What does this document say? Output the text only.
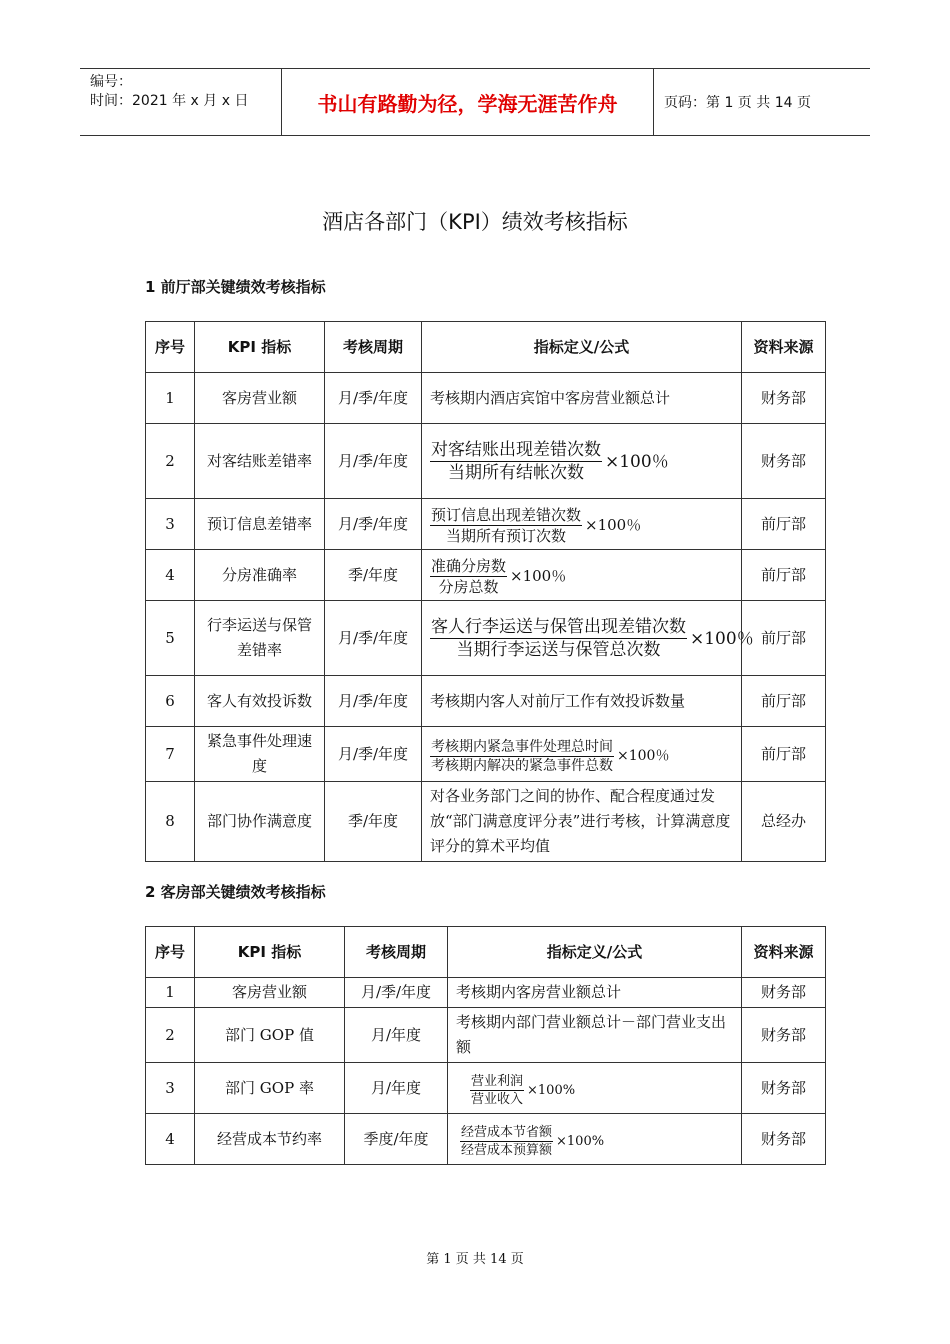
编号：
时间：2021 年 x 月 x 日	书山有路勤为径，学海无涯苦作舟	页码：第 1 页 共 14 页
酒店各部门（KPI）绩效考核指标
1 前厅部关键绩效考核指标
序号	KPI 指标	考核周期	指标定义/公式	资料来源
1	客房营业额	月/季/年度	考核期内酒店宾馆中客房营业额总计	财务部
2	对客结账差错率	月/季/年度	$\frac{\text{对客结账出现差错次数}}{\text{当期所有结帐次数}} \times 100$％	财务部
3	预订信息差错率	月/季/年度	$\frac{\text{预订信息出现差错次数}}{\text{当期所有预订次数}} \times 100$％	前厅部
4	分房准确率	季/年度	$\frac{\text{准确分房数}}{\text{分房总数}} \times 100$％	前厅部
5	行李运送与保管差错率	月/季/年度	$\frac{\text{客人行李运送与保管出现差错次数}}{\text{当期行李运送与保管总次数}} \times 100$％	前厅部
6	客人有效投诉数	月/季/年度	考核期内客人对前厅工作有效投诉数量	前厅部
7	紧急事件处理速度	月/季/年度	$\frac{\text{考核期内紧急事件处理总时间}}{\text{考核期内解决的紧急事件总数}} \times 100$％	前厅部
8	部门协作满意度	季/年度	对各业务部门之间的协作、配合程度通过发放“部门满意度评分表”进行考核，计算满意度评分的算术平均值	总经办
2 客房部关键绩效考核指标
序号	KPI 指标	考核周期	指标定义/公式	资料来源
1	客房营业额	月/季/年度	考核期内客房营业额总计	财务部
2	部门 GOP 值	月/年度	考核期内部门营业额总计－部门营业支出额	财务部
3	部门 GOP 率	月/年度	$\frac{\text{营业利润}}{\text{营业收入}} \times 100\%$	财务部
4	经营成本节约率	季度/年度	$\frac{\text{经营成本节省额}}{\text{经营成本预算额}} \times 100\%$	财务部
第 1 页 共 14 页
